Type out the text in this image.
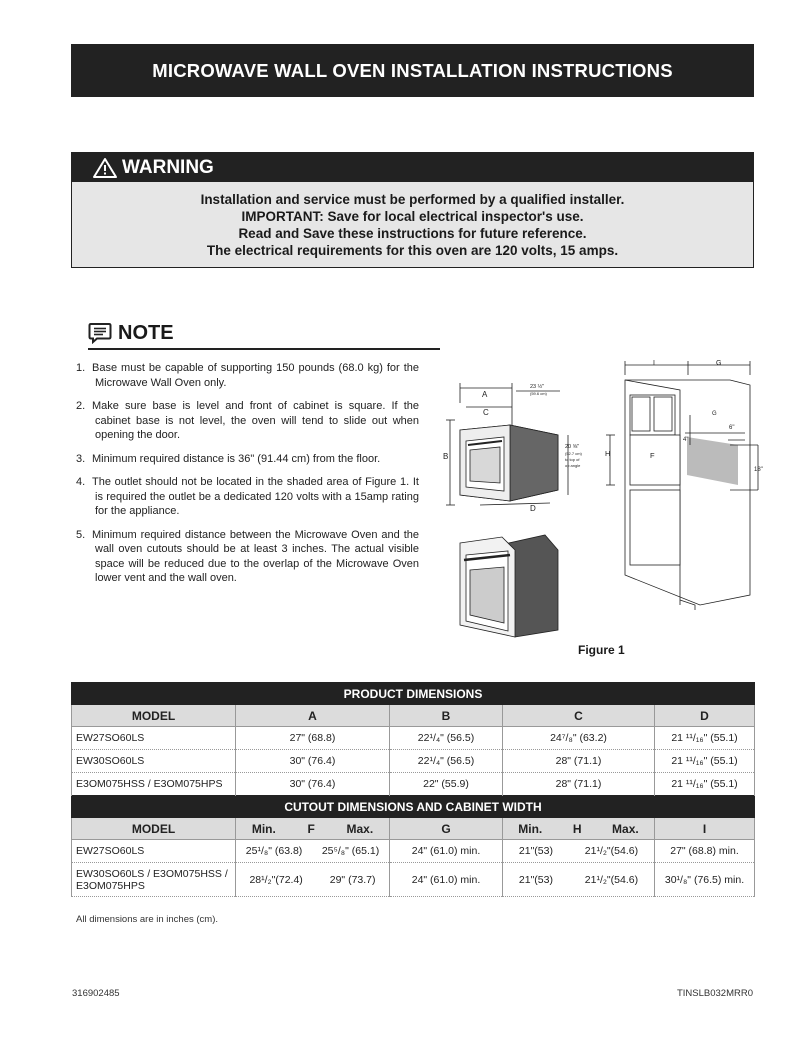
MICROWAVE WALL OVEN INSTALLATION INSTRUCTIONS
WARNING
Installation and service must be performed by a qualified installer.
IMPORTANT: Save for local electrical inspector's use.
Read and Save these instructions for future reference.
The electrical requirements for this oven are 120 volts, 15 amps.
NOTE
1. Base must be capable of supporting 150 pounds (68.0 kg) for the Microwave Wall Oven only.
2. Make sure base is level and front of cabinet is square. If the cabinet base is not level, the oven will tend to slide out when opening the door.
3. Minimum required distance is 36" (91.44 cm) from the floor.
4. The outlet should not be located in the shaded area of Figure 1. It is required the outlet be a dedicated 120 volts with a 15amp rating for the appliance.
5. Minimum required distance between the Microwave Oven and the wall oven cutouts should be at least 3 inches. The actual visible space will be reduced due to the overlap of the Microwave Oven lower vent and the wall oven.
A
C
B
D
23 ½"
(59.6 cm)
20 ⅝"
(52.7 cm)
to top of
op angle
I	G
G
H	F
6"
4"
18"
Figure 1
PRODUCT DIMENSIONS				
MODEL	A	B	C	D
EW27SO60LS	27" (68.8)	22¹/₄" (56.5)	24⁷/₈" (63.2)	21 ¹¹/₁₆" (55.1)
EW30SO60LS	30" (76.4)	22¹/₄" (56.5)	28" (71.1)	21 ¹¹/₁₆" (55.1)
E3OM075HSS / E3OM075HPS	30" (76.4)	22" (55.9)	28" (71.1)	21 ¹¹/₁₆" (55.1)
CUTOUT DIMENSIONS AND CABINET WIDTH				
MODEL	Min. F Max.	G	Min. H Max.	I
EW27SO60LS	25¹/₈" (63.8) 25⁵/₈" (65.1)	24" (61.0) min.	21"(53) 21¹/₂"(54.6)	27" (68.8) min.
EW30SO60LS / E3OM075HSS / E3OM075HPS	28¹/₂"(72.4) 29" (73.7)	24" (61.0) min.	21"(53) 21¹/₂"(54.6)	30¹/₈" (76.5) min.
All dimensions are in inches (cm).
316902485	TINSLB032MRR0
